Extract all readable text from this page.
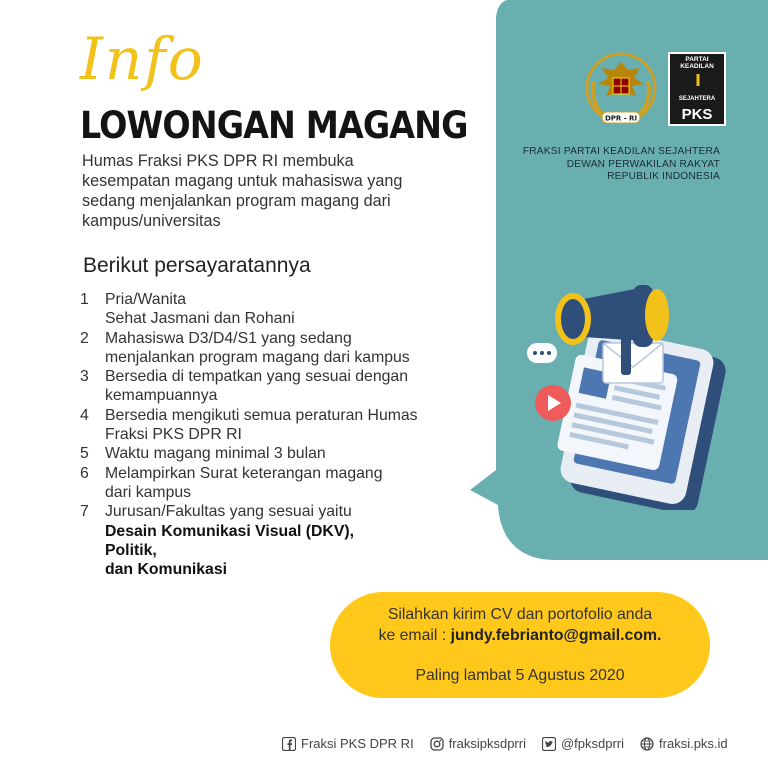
Info
LOWONGAN MAGANG
Humas Fraksi PKS DPR RI membuka kesempatan magang untuk mahasiswa yang sedang menjalankan program magang dari kampus/universitas
Berikut persayaratannya
1	Pria/Wanita
Sehat Jasmani dan Rohani
2	Mahasiswa D3/D4/S1 yang sedang
menjalankan program magang dari kampus
3	Bersedia di tempatkan yang sesuai dengan
kemampuannya
4	Bersedia mengikuti semua peraturan Humas
Fraksi PKS DPR RI
5	Waktu magang minimal 3 bulan
6	Melampirkan Surat keterangan magang
dari kampus
7	Jurusan/Fakultas yang sesuai yaitu
Desain Komunikasi Visual (DKV),
Politik,
dan Komunikasi
DPR - RI
PARTAI KEADILAN
SEJAHTERA
PKS
FRAKSI PARTAI KEADILAN SEJAHTERA
DEWAN PERWAKILAN RAKYAT
REPUBLIK INDONESIA
Silahkan kirim CV dan portofolio anda
ke email : jundy.febrianto@gmail.com.
Paling lambat 5 Agustus 2020
Fraksi PKS DPR RI	fraksipksdprri	@fpksdprri	fraksi.pks.id
